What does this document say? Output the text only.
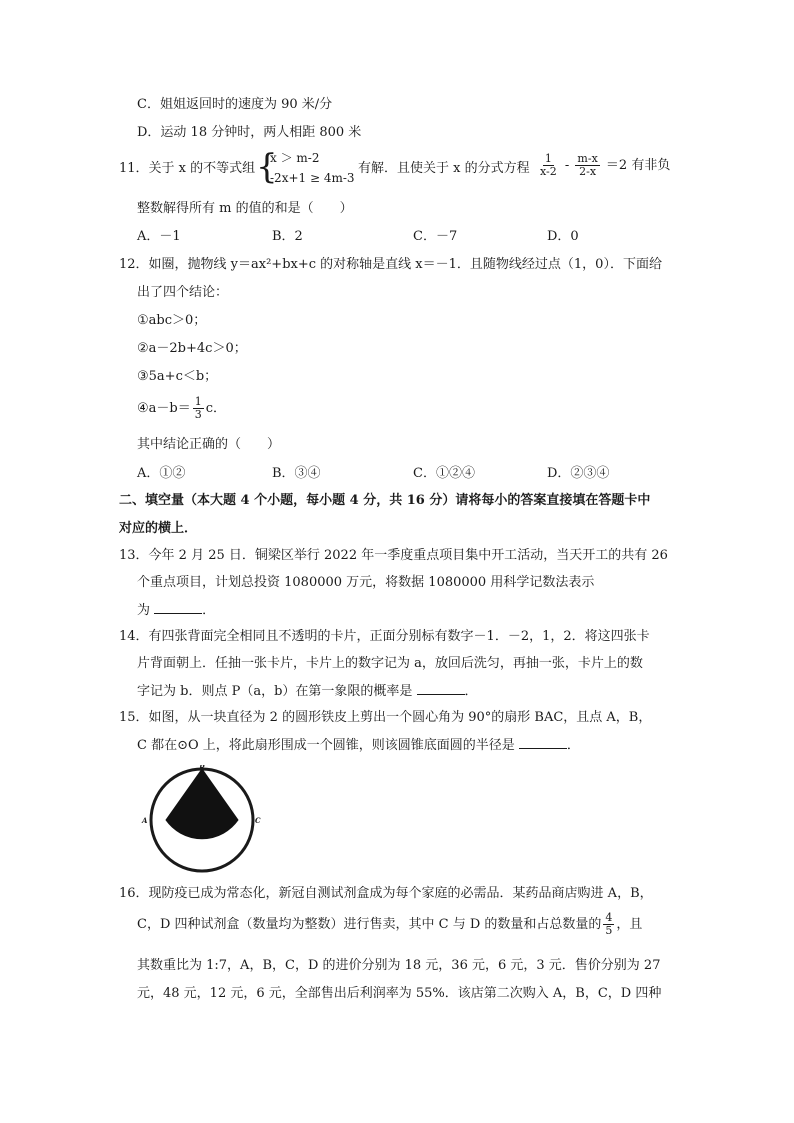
C．姐姐返回时的速度为 90 米/分
D．运动 18 分钟时，两人相距 800 米
11．关于 x 的不等式组 {
x ＞ m-2
-2x+1 ≥ 4m-3
有解．且使关于 x 的分式方程 $\frac{1}{x-2} - \frac{m-x}{2-x} =2$ 有非负
整数解得所有 m 的值的和是（　　）
A．－1	B．2	C．－7	D．0
12．如圈，抛物线 y＝ax²+bx+c 的对称轴是直线 x＝－1．且随物线经过点（1，0）．下面给
出了四个结论：
①abc＞0；
②a－2b+4c＞0；
③5a+c＜b；
④a－b＝ $\frac{1}{3}$ c．
其中结论正确的（　　）
A．①②	B．③④	C．①②④	D．②③④
二、填空量（本大题 4 个小题，每小题 4 分，共 16 分）请将每小的答案直接填在答题卡中
对应的横上．
13．今年 2 月 25 日．铜梁区举行 2022 年一季度重点项目集中开工活动，当天开工的共有 26
个重点项目，计划总投资 1080000 万元，将数据 1080000 用科学记数法表示
为	．
14．有四张背面完全相同且不透明的卡片，正面分别标有数字－1．－2，1，2．将这四张卡
片背面朝上．任抽一张卡片，卡片上的数字记为 a，放回后洗匀，再抽一张，卡片上的数
字记为 b．则点 P（a，b）在第一象限的概率是	．
15．如图，从一块直径为 2 的圆形铁皮上剪出一个圆心角为 90°的扇形 BAC，且点 A，B，
C 都在⊙O 上，将此扇形围成一个圆锥，则该圆锥底面圆的半径是	．
B
A	C
16．现防疫已成为常态化，新冠自测试剂盒成为每个家庭的必需品．某药品商店购进 A，B，
C，D 四种试剂盒（数量均为整数）进行售卖，其中 C 与 D 的数量和占总数量的 $\frac{4}{5}$ ，且
其数重比为 1:7，A，B，C，D 的进价分别为 18 元，36 元，6 元，3 元．售价分别为 27
元，48 元，12 元，6 元，全部售出后利润率为 55%．该店第二次购入 A，B，C，D 四种
